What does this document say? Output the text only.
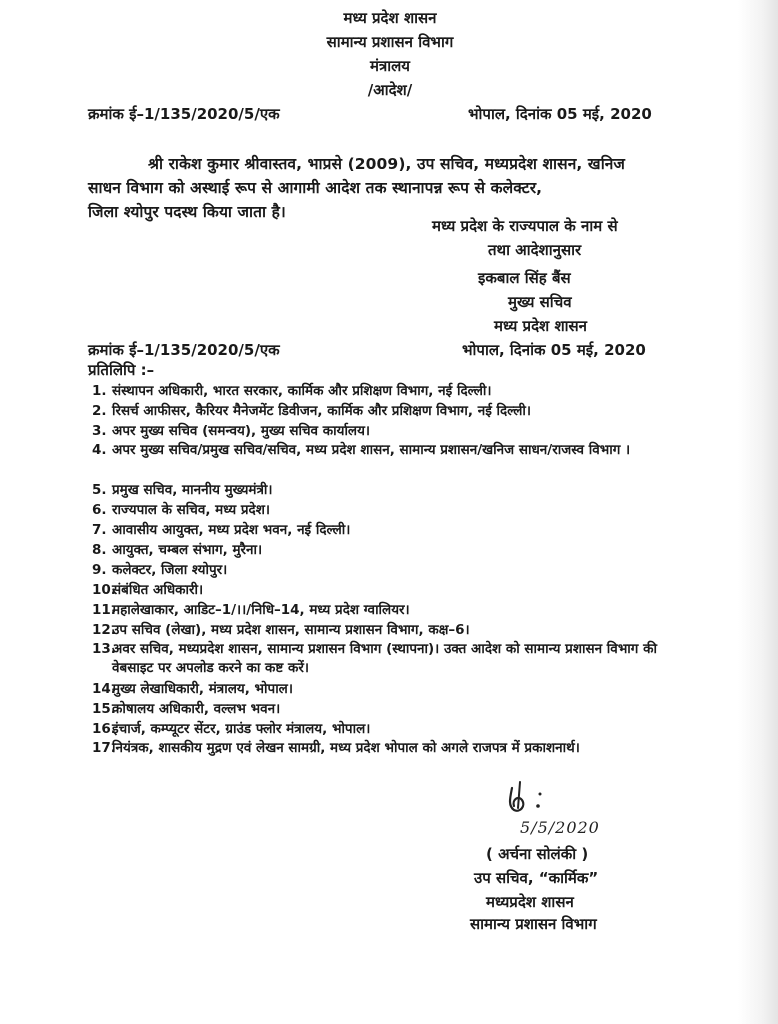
मध्य प्रदेश शासन
सामान्य प्रशासन विभाग
मंत्रालय
/आदेश/
क्रमांक ई–1/135/2020/5/एक	भोपाल, दिनांक 05 मई, 2020
श्री राकेश कुमार श्रीवास्तव, भाप्रसे (2009), उप सचिव, मध्यप्रदेश शासन, खनिज
साधन विभाग को अस्थाई रूप से आगामी आदेश तक स्थानापन्न रूप से कलेक्टर,
जिला श्योपुर पदस्थ किया जाता है।
मध्य प्रदेश के राज्यपाल के नाम से
तथा आदेशानुसार
इकबाल सिंह बैंस
मुख्य सचिव
मध्य प्रदेश शासन
क्रमांक ई–1/135/2020/5/एक	भोपाल, दिनांक 05 मई, 2020
प्रतिलिपि :–
1. संस्थापन अधिकारी, भारत सरकार, कार्मिक और प्रशिक्षण विभाग, नई दिल्ली।
2. रिसर्च आफीसर, कैरियर मैनेजमेंट डिवीजन, कार्मिक और प्रशिक्षण विभाग, नई दिल्ली।
3. अपर मुख्य सचिव (समन्वय), मुख्य सचिव कार्यालय।
4. अपर मुख्य सचिव/प्रमुख सचिव/सचिव, मध्य प्रदेश शासन, सामान्य प्रशासन/खनिज साधन/राजस्व विभाग ।
5. प्रमुख सचिव, माननीय मुख्यमंत्री।
6. राज्यपाल के सचिव, मध्य प्रदेश।
7. आवासीय आयुक्त, मध्य प्रदेश भवन, नई दिल्ली।
8. आयुक्त, चम्बल संभाग, मुरैना।
9. कलेक्टर, जिला श्योपुर।
10.
संबंधित अधिकारी।
11.
महालेखाकार, आडिट–1/।।/निधि–14, मध्य प्रदेश ग्वालियर।
12.
उप सचिव (लेखा), मध्य प्रदेश शासन, सामान्य प्रशासन विभाग, कक्ष–6।
13.
अवर सचिव, मध्यप्रदेश शासन, सामान्य प्रशासन विभाग (स्थापना)। उक्त आदेश को सामान्य प्रशासन विभाग की वेबसाइट पर अपलोड करने का कष्ट करें।
14.
मुख्य लेखाधिकारी, मंत्रालय, भोपाल।
15.
कोषालय अधिकारी, वल्लभ भवन।
16.
इंचार्ज, कम्प्यूटर सेंटर, ग्राउंड फ्लोर मंत्रालय, भोपाल।
17.
नियंत्रक, शासकीय मुद्रण एवं लेखन सामग्री, मध्य प्रदेश भोपाल को अगले राजपत्र में प्रकाशनार्थ।
5/5/2020
( अर्चना सोलंकी )
उप सचिव, “कार्मिक”
मध्यप्रदेश शासन
सामान्य प्रशासन विभाग
